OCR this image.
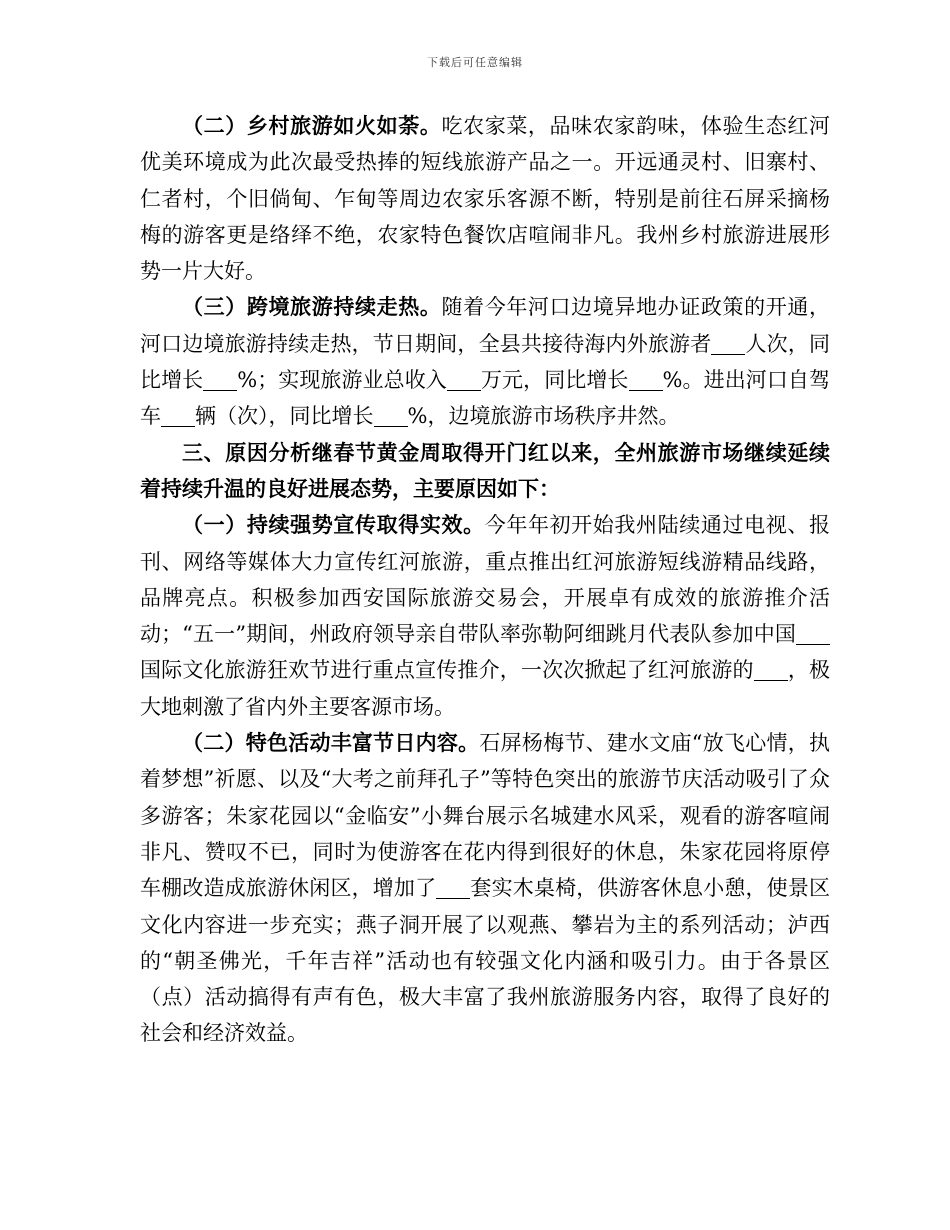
下载后可任意编辑

（二）乡村旅游如火如荼。吃农家菜，品味农家韵味，体验生态红河优美环境成为此次最受热捧的短线旅游产品之一。开远通灵村、旧寨村、仁者村，个旧倘甸、乍甸等周边农家乐客源不断，特别是前往石屏采摘杨梅的游客更是络绎不绝，农家特色餐饮店喧闹非凡。我州乡村旅游进展形势一片大好。

（三）跨境旅游持续走热。随着今年河口边境异地办证政策的开通，河口边境旅游持续走热，节日期间，全县共接待海内外旅游者 人次，同比增长 %；实现旅游业总收入 万元，同比增长 %。进出河口自驾车 辆（次），同比增长 %，边境旅游市场秩序井然。

三、原因分析继春节黄金周取得开门红以来，全州旅游市场继续延续着持续升温的良好进展态势，主要原因如下：

（一）持续强势宣传取得实效。今年年初开始我州陆续通过电视、报刊、网络等媒体大力宣传红河旅游，重点推出红河旅游短线游精品线路，品牌亮点。积极参加西安国际旅游交易会，开展卓有成效的旅游推介活动；“五一”期间，州政府领导亲自带队率弥勒阿细跳月代表队参加中国国际文化旅游狂欢节进行重点宣传推介，一次次掀起了红河旅游的 ，极大地刺激了省内外主要客源市场。

（二）特色活动丰富节日内容。石屏杨梅节、建水文庙“放飞心情，执着梦想”祈愿、以及“大考之前拜孔子”等特色突出的旅游节庆活动吸引了众多游客；朱家花园以“金临安”小舞台展示名城建水风采，观看的游客喧闹非凡、赞叹不已，同时为使游客在花内得到很好的休息，朱家花园将原停车棚改造成旅游休闲区，增加了 套实木桌椅，供游客休息小憩，使景区文化内容进一步充实；燕子洞开展了以观燕、攀岩为主的系列活动；泸西的“朝圣佛光，千年吉祥”活动也有较强文化内涵和吸引力。由于各景区（点）活动搞得有声有色，极大丰富了我州旅游服务内容，取得了良好的社会和经济效益。
